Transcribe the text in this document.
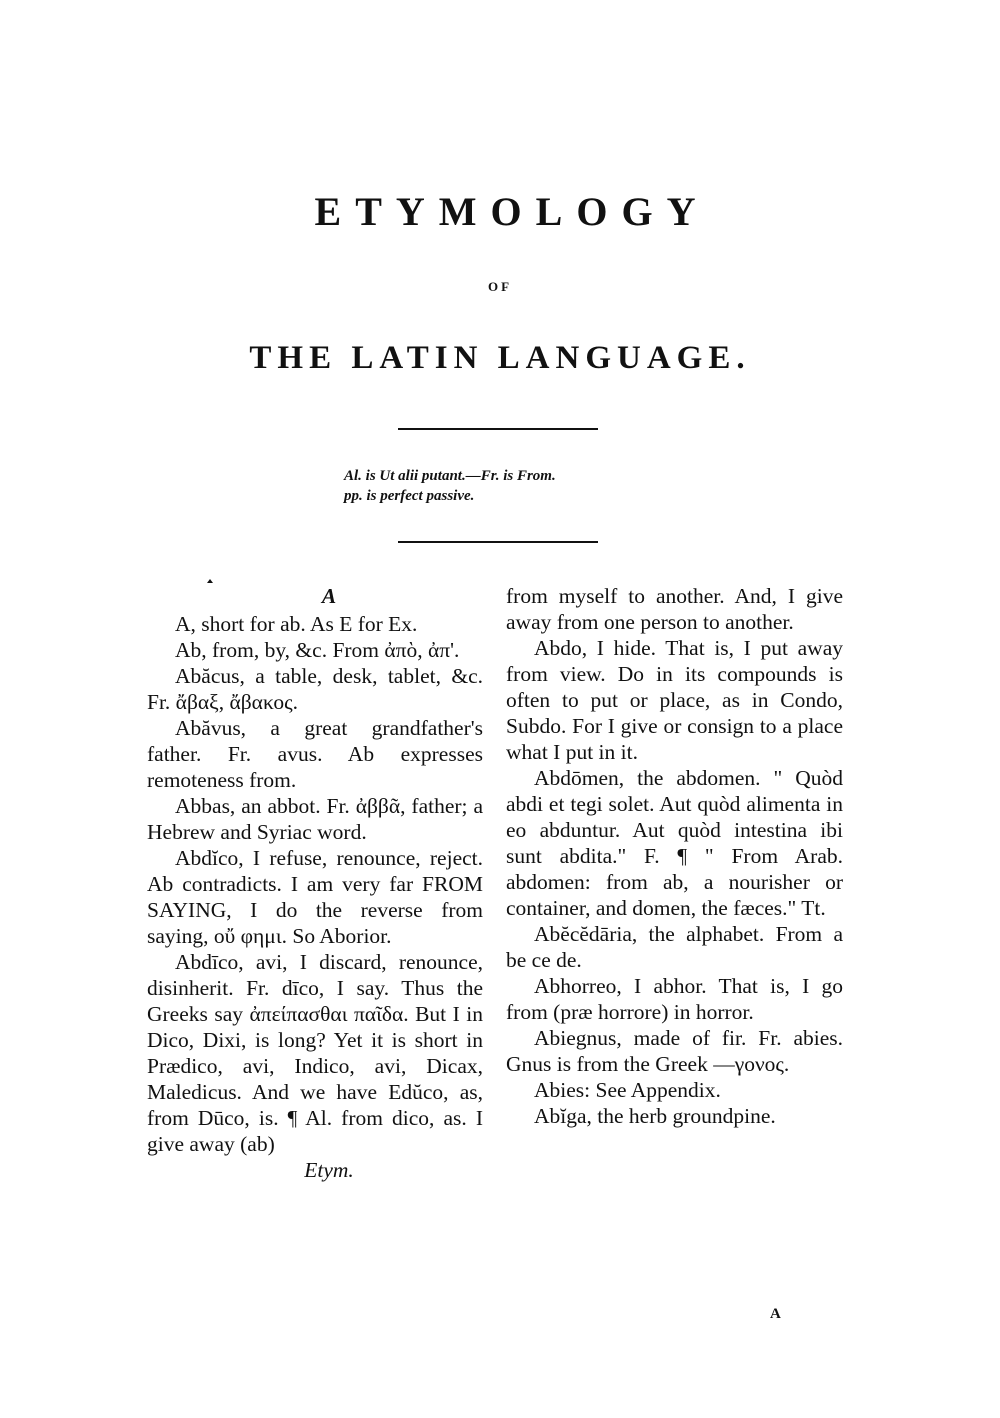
ETYMOLOGY
OF
THE LATIN LANGUAGE.
Al. is Ut alii putant.—Fr. is From.
pp. is perfect passive.

A

A, short for ab. As E for Ex.

Ab, from, by, &c. From ἀπὸ, ἀπ'.

Abăcus, a table, desk, tablet, &c. Fr. ἄβαξ, ἄβακος.

Abăvus, a great grandfather's father. Fr. avus. Ab expresses remoteness from.

Abbas, an abbot. Fr. ἀββᾶ, father; a Hebrew and Syriac word.

Abdĭco, I refuse, renounce, reject. Ab contradicts. I am very far FROM SAYING, I do the reverse from saying, οὔ φημι. So Aborior.

Abdīco, avi, I discard, renounce, disinherit. Fr. dīco, I say. Thus the Greeks say ἀπείπασθαι παῖδα. But I in Dico, Dixi, is long? Yet it is short in Prædico, avi, Indico, avi, Dicax, Maledicus. And we have Edŭco, as, from Dūco, is. ¶ Al. from dico, as. I give away (ab)

Etym.

from myself to another. And, I give away from one person to another.

Abdo, I hide. That is, I put away from view. Do in its compounds is often to put or place, as in Condo, Subdo. For I give or consign to a place what I put in it.

Abdōmen, the abdomen. " Quòd abdi et tegi solet. Aut quòd alimenta in eo abduntur. Aut quòd intestina ibi sunt abdita." F. ¶ " From Arab. abdomen: from ab, a nourisher or container, and domen, the fæces." Tt.

Abĕcĕdāria, the alphabet. From a be ce de.

Abhorreo, I abhor. That is, I go from (præ horrore) in horror.

Abiegnus, made of fir. Fr. abies. Gnus is from the Greek —γονος.

Abies: See Appendix.

Abĭga, the herb groundpine.

A
